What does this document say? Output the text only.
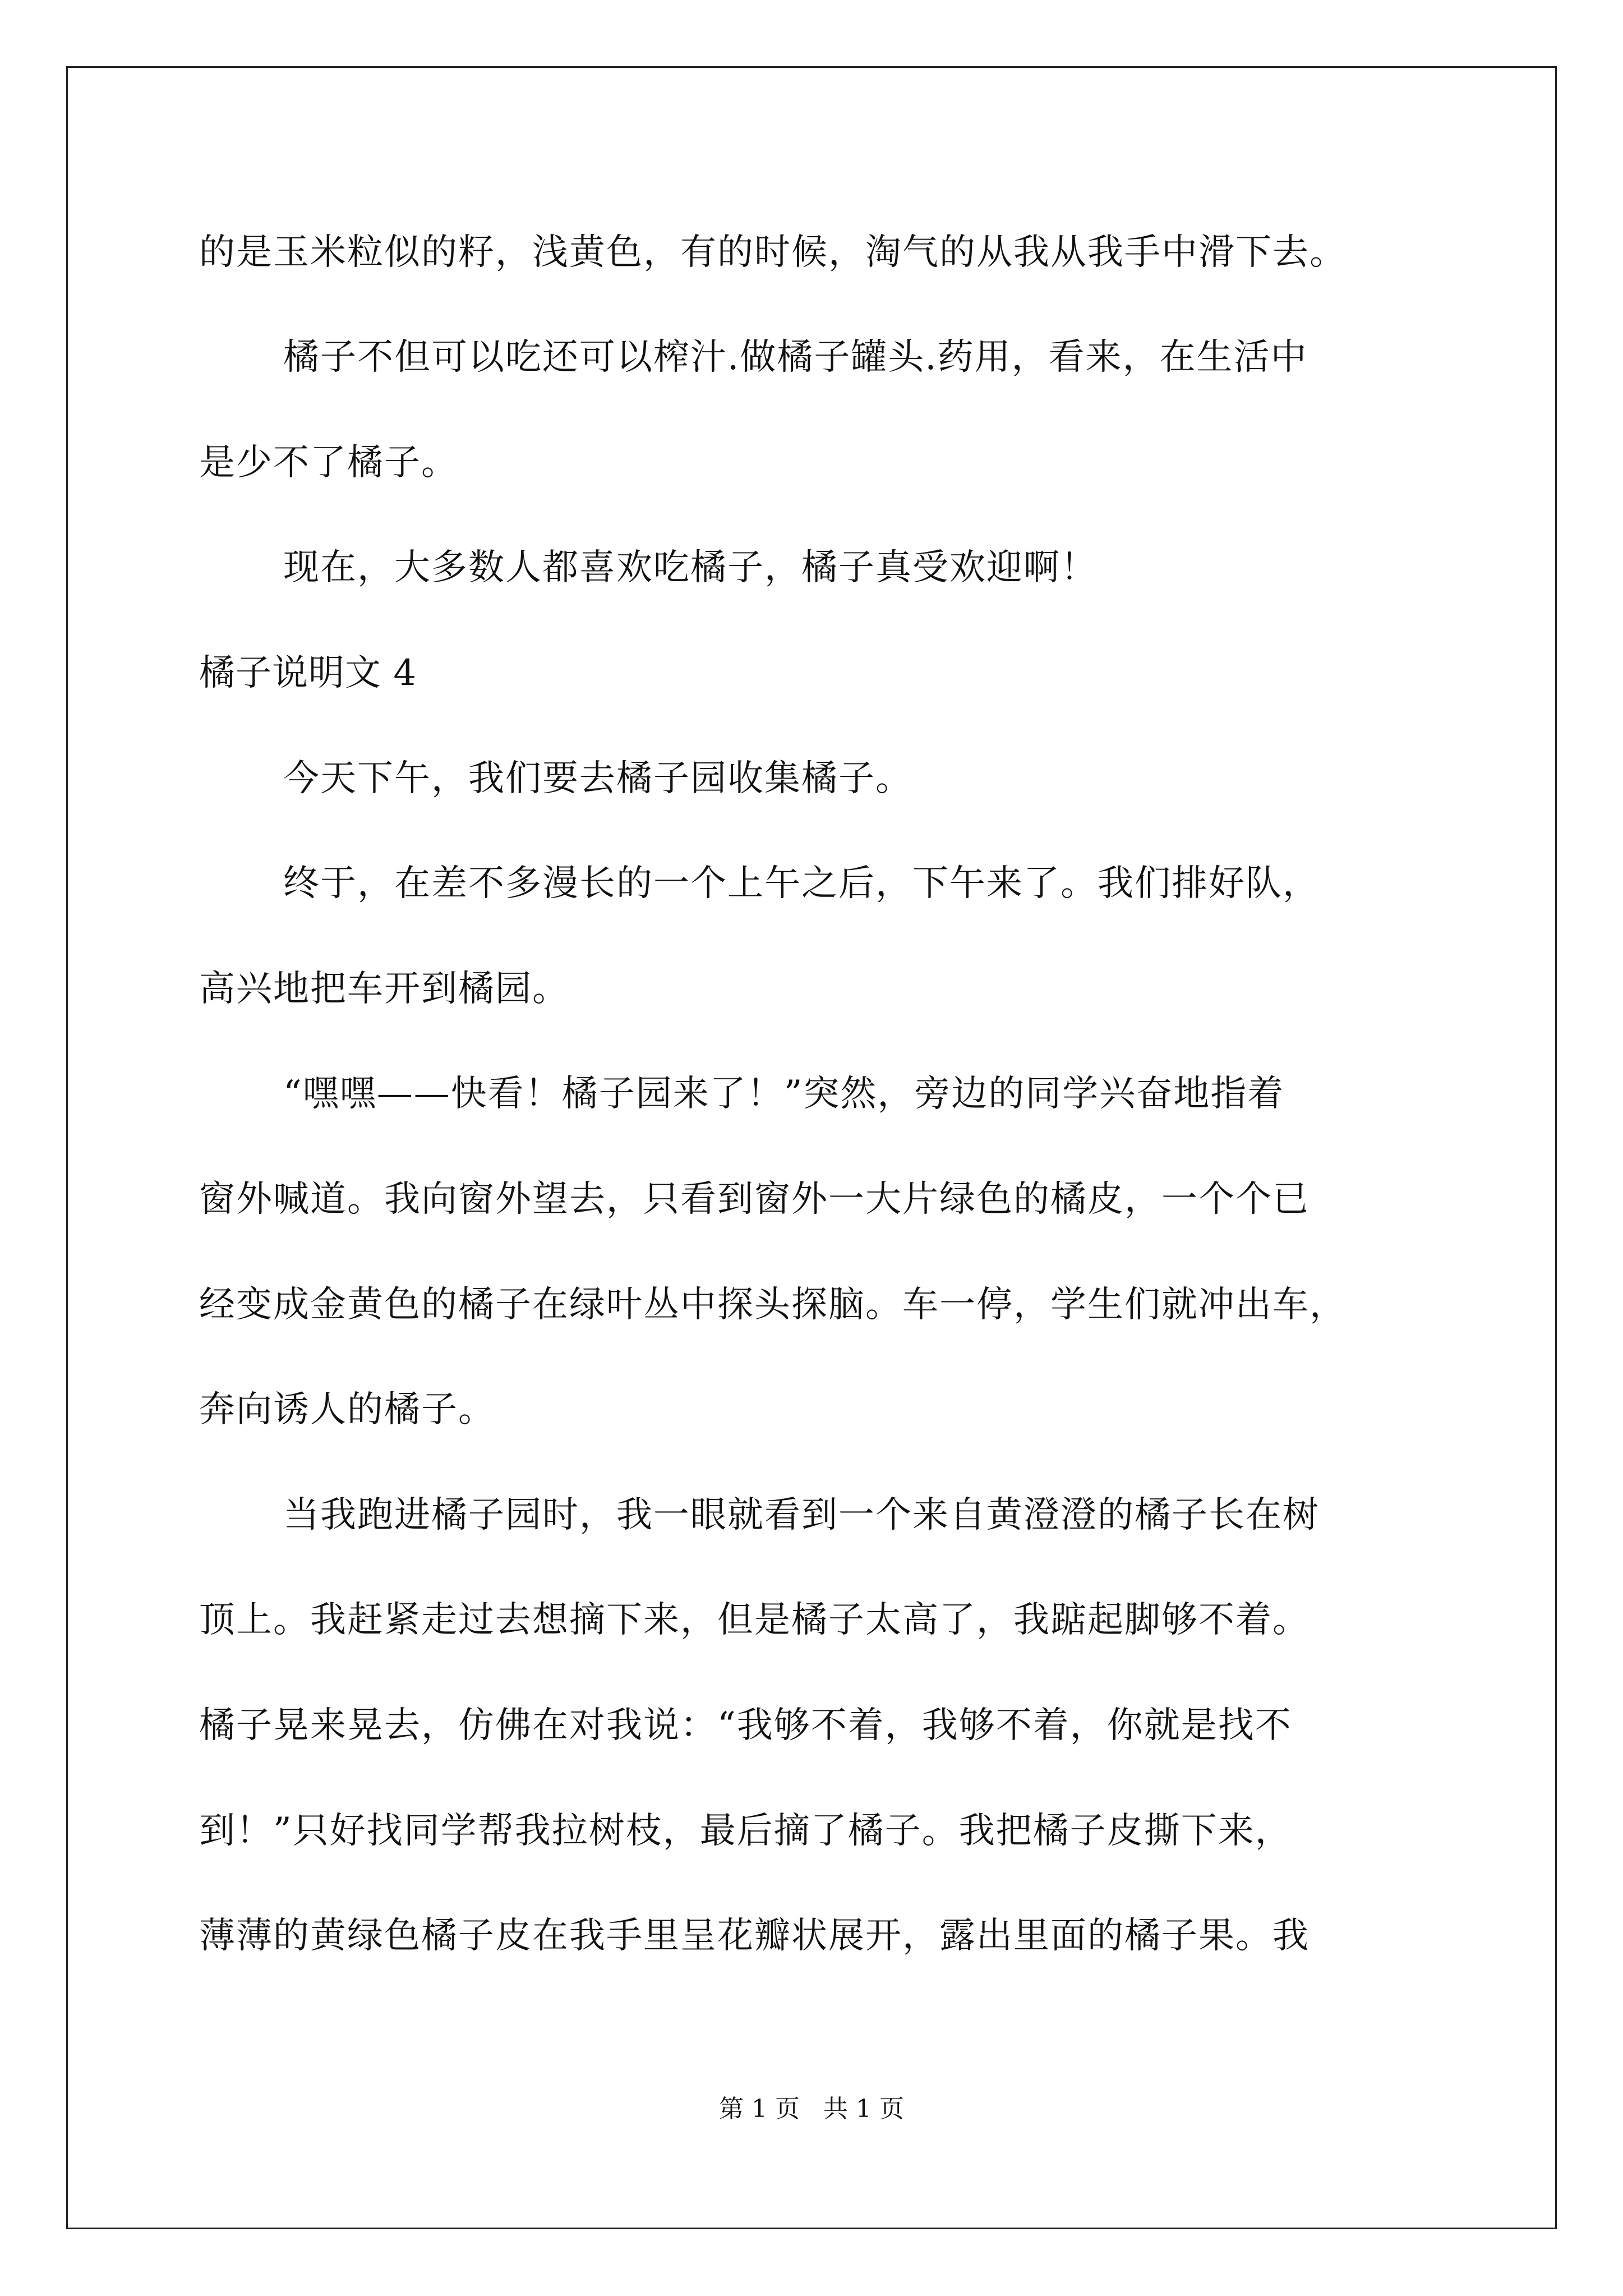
的是玉米粒似的籽，浅黄色，有的时候，淘气的从我从我手中滑下去。
橘子不但可以吃还可以榨汁.做橘子罐头.药用，看来，在生活中
是少不了橘子。
现在，大多数人都喜欢吃橘子，橘子真受欢迎啊！
橘子说明文 4
今天下午，我们要去橘子园收集橘子。
终于，在差不多漫长的一个上午之后，下午来了。我们排好队，
高兴地把车开到橘园。
“嘿嘿——快看！橘子园来了！”突然，旁边的同学兴奋地指着
窗外喊道。我向窗外望去，只看到窗外一大片绿色的橘皮，一个个已
经变成金黄色的橘子在绿叶丛中探头探脑。车一停，学生们就冲出车，
奔向诱人的橘子。
当我跑进橘子园时，我一眼就看到一个来自黄澄澄的橘子长在树
顶上。我赶紧走过去想摘下来，但是橘子太高了，我踮起脚够不着。
橘子晃来晃去，仿佛在对我说：“我够不着，我够不着，你就是找不
到！”只好找同学帮我拉树枝，最后摘了橘子。我把橘子皮撕下来，
薄薄的黄绿色橘子皮在我手里呈花瓣状展开，露出里面的橘子果。我
第 1 页   共 1 页
